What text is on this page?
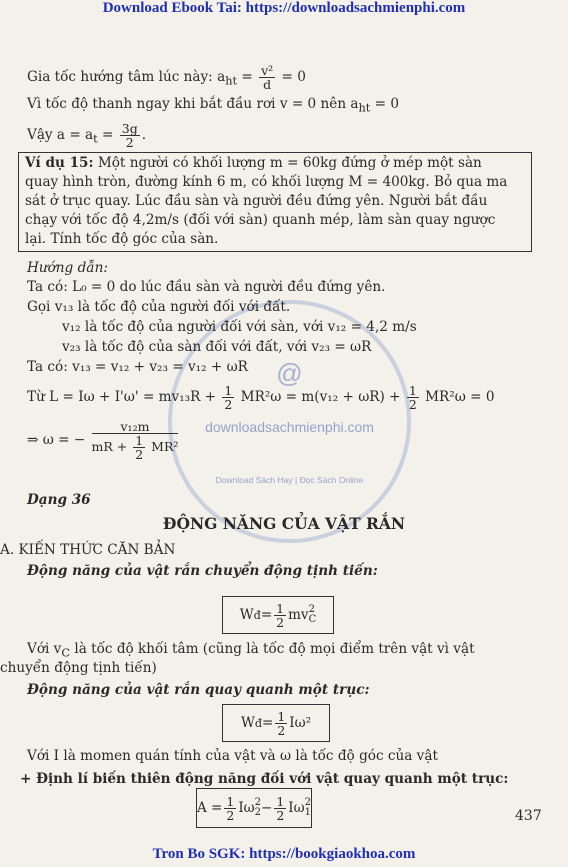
Download Ebook Tai: https://downloadsachmienphi.com
@
downloadsachmienphi.com
Download Sách Hay | Đọc Sách Online
Gia tốc hướng tâm lúc này: $a_{ht} = \frac{\text{v²}}{d} = 0$
Vì tốc độ thanh ngay khi bắt đầu rơi v = 0 nên $a_{ht} = 0$
Vậy $a = a_t = \frac{3g}{2}$ .
Ví dụ 15: Một người có khối lượng m = 60kg đứng ở mép một sàn
quay hình tròn, đường kính 6 m, có khối lượng M = 400kg. Bỏ qua ma
sát ở trục quay. Lúc đầu sàn và người đều đứng yên. Người bắt đầu
chạy với tốc độ 4,2m/s (đối với sàn) quanh mép, làm sàn quay ngược
lại. Tính tốc độ góc của sàn.
Hướng dẫn:
Ta có: L₀ = 0 do lúc đầu sàn và người đều đứng yên.
Gọi v₁₃ là tốc độ của người đối với đất.
v₁₂ là tốc độ của người đối với sàn, với v₁₂ = 4,2 m/s
v₂₃ là tốc độ của sàn đối với đất, với v₂₃ = ωR
Ta có: v₁₃ = v₁₂ + v₂₃ = v₁₂ + ωR
Từ $L = I\omega + I'\omega' = mv_{13}R + \frac{1}{2} MR^2\omega = m(v_{12} + \omega R) + \frac{1}{2} MR^2\omega = 0$
⇒ ω = − $\frac{\text{v₁₂m}}{mR + \frac{1}{2} MR^2}$
Dạng 36
ĐỘNG NĂNG CỦA VẬT RẮN
A. KIẾN THỨC CĂN BẢN
Động năng của vật rắn chuyển động tịnh tiến:
W đ = $\frac{1}{2}$ mv 2
C
Với $v_C$ là tốc độ khối tâm (cũng là tốc độ mọi điểm trên vật vì vật
chuyển động tịnh tiến)
Động năng của vật rắn quay quanh một trục:
W đ = $\frac{1}{2} I\omega^2$
Với I là momen quán tính của vật và ω là tốc độ góc của vật
+ Định lí biến thiên động năng đối với vật quay quanh một trục:
$A = \frac{1}{2}$ Iω 2
$2 - \frac{1}{2}$ Iω 2
1	437
Tron Bo SGK: https://bookgiaokhoa.com
